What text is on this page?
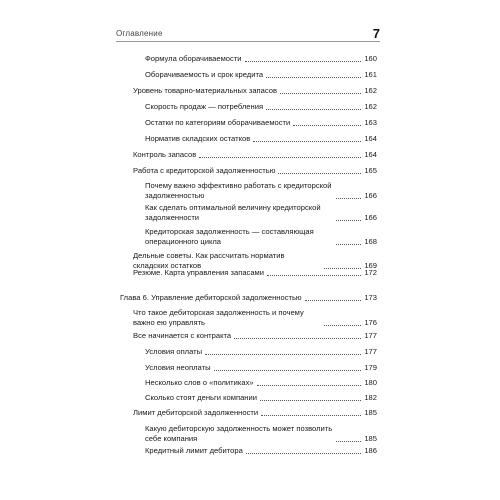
Оглавление	7
Формула оборачиваемости	160
Оборачиваемость и срок кредита	161
Уровень товарно-материальных запасов	162
Скорость продаж — потребления	162
Остатки по категориям оборачиваемости	163
Норматив складских остатков	164
Контроль запасов	164
Работа с кредиторской задолженностью	165
Почему важно эффективно работать с кредиторской задолженностью	166
Как сделать оптимальной величину кредиторской задолженности	166
Кредиторская задолженность — составляющая операционного цикла	168
Дельные советы. Как рассчитать норматив складских остатков	169
Резюме. Карта управления запасами	172
Глава 6. Управление дебиторской задолженностью	173
Что такое дебиторская задолженность и почему важно ею управлять	176
Все начинается с контракта	177
Условия оплаты	177
Условия неоплаты	179
Несколько слов о «политиках»	180
Сколько стоят деньги компании	182
Лимит дебиторской задолженности	185
Какую дебиторскую задолженность может позволить себе компания	185
Кредитный лимит дебитора	186
